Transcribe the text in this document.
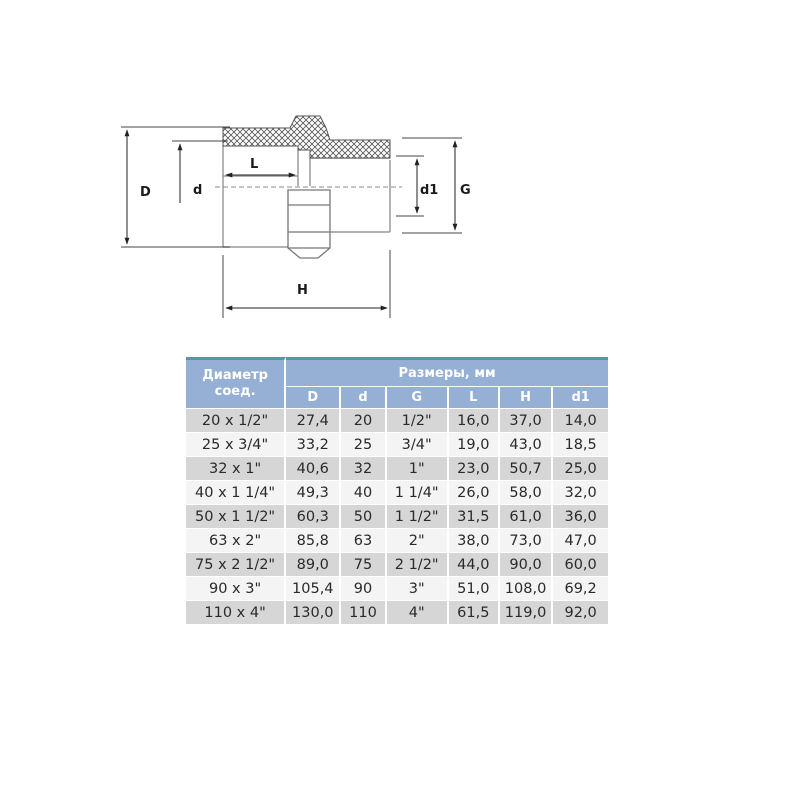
D	d
L
d1 G
H
Диаметр
соед.	Размеры, мм					
	D	d	G	L	H	d1
20 х 1/2"	27,4	20	1/2"	16,0	37,0	14,0
25 х 3/4"	33,2	25	3/4"	19,0	43,0	18,5
32 х 1"	40,6	32	1"	23,0	50,7	25,0
40 х 1 1/4"	49,3	40	1 1/4"	26,0	58,0	32,0
50 х 1 1/2"	60,3	50	1 1/2"	31,5	61,0	36,0
63 х 2"	85,8	63	2"	38,0	73,0	47,0
75 х 2 1/2"	89,0	75	2 1/2"	44,0	90,0	60,0
90 х 3"	105,4	90	3"	51,0	108,0	69,2
110 х 4"	130,0	110	4"	61,5	119,0	92,0
